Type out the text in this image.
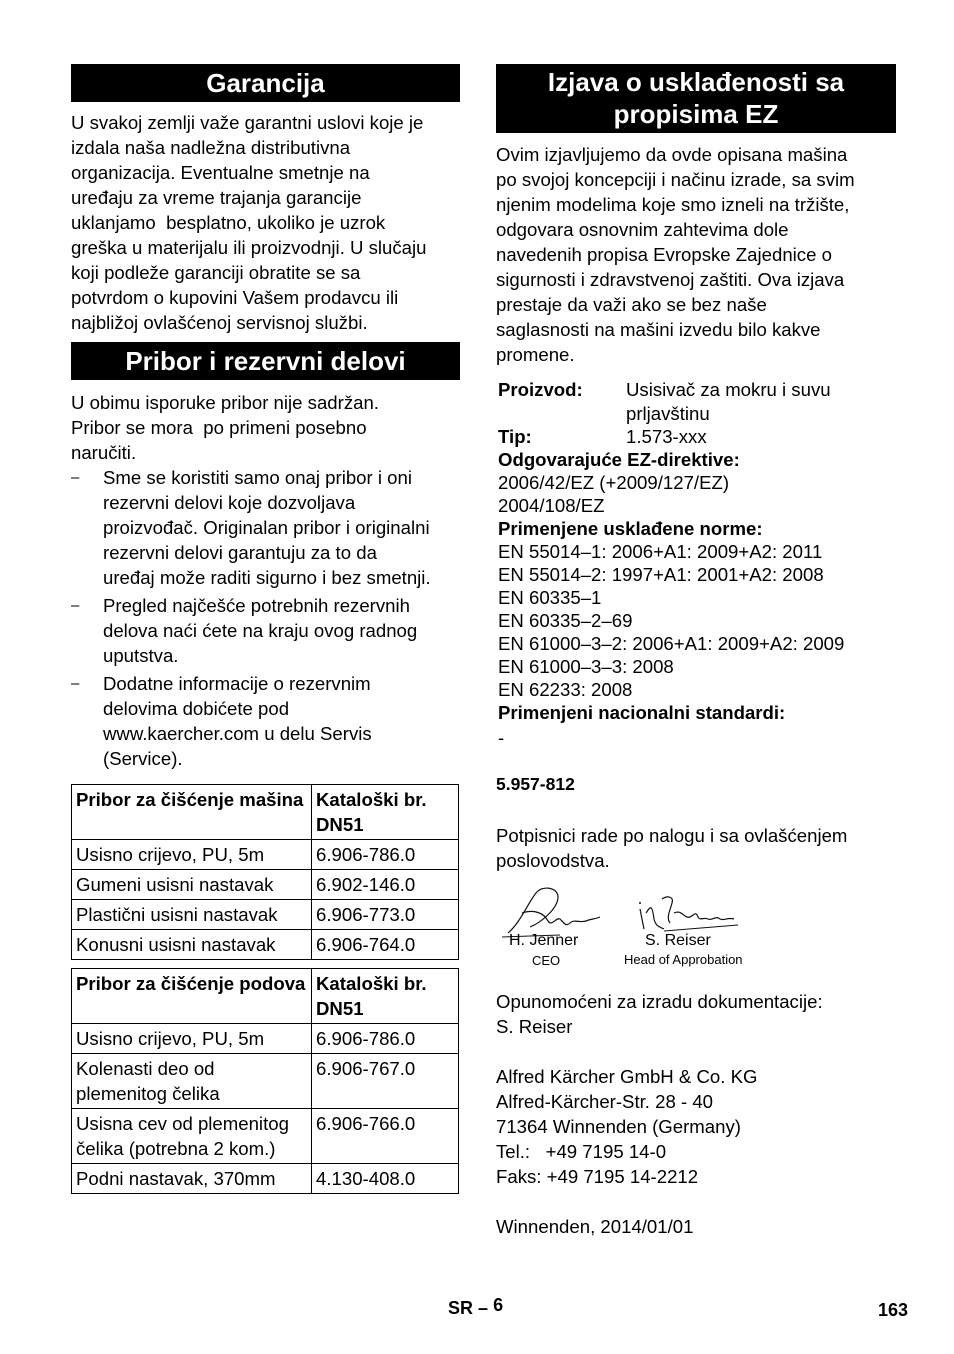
Garancija
U svakoj zemlji važe garantni uslovi koje je
izdala naša nadležna distributivna
organizacija. Eventualne smetnje na
uređaju za vreme trajanja garancije
uklanjamo  besplatno, ukoliko je uzrok
greška u materijalu ili proizvodnji. U slučaju
koji podleže garanciji obratite se sa
potvrdom o kupovini Vašem prodavcu ili
najbližoj ovlašćenoj servisnoj službi.
Pribor i rezervni delovi
U obimu isporuke pribor nije sadržan.
Pribor se mora  po primeni posebno
naručiti.
– Sme se koristiti samo onaj pribor i oni
rezervni delovi koje dozvoljava
proizvođač. Originalan pribor i originalni
rezervni delovi garantuju za to da
uređaj može raditi sigurno i bez smetnji.
– Pregled najčešće potrebnih rezervnih
delova naći ćete na kraju ovog radnog
uputstva.
– Dodatne informacije o rezervnim
delovima dobićete pod
www.kaercher.com u delu Servis
(Service).
Pribor za čišćenje mašina	Kataloški br. DN51
Usisno crijevo, PU, 5m	6.906-786.0
Gumeni usisni nastavak	6.902-146.0
Plastični usisni nastavak	6.906-773.0
Konusni usisni nastavak	6.906-764.0
Pribor za čišćenje podova	Kataloški br. DN51
Usisno crijevo, PU, 5m	6.906-786.0
Kolenasti deo od plemenitog čelika	6.906-767.0
Usisna cev od plemenitog čelika (potrebna 2 kom.)	6.906-766.0
Podni nastavak, 370mm	4.130-408.0
Izjava o usklađenosti sa
propisima EZ
Ovim izjavljujemo da ovde opisana mašina
po svojoj koncepciji i načinu izrade, sa svim
njenim modelima koje smo izneli na tržište,
odgovara osnovnim zahtevima dole
navedenih propisa Evropske Zajednice o
sigurnosti i zdravstvenoj zaštiti. Ova izjava
prestaje da važi ako se bez naše
saglasnosti na mašini izvedu bilo kakve
promene.
Proizvod:	Usisivač za mokru i suvu
prljavštinu
Tip:	1.573-xxx
Odgovarajuće EZ-direktive:
2006/42/EZ (+2009/127/EZ)
2004/108/EZ
Primenjene usklađene norme:
EN 55014–1: 2006+A1: 2009+A2: 2011
EN 55014–2: 1997+A1: 2001+A2: 2008
EN 60335–1
EN 60335–2–69
EN 61000–3–2: 2006+A1: 2009+A2: 2009
EN 61000–3–3: 2008
EN 62233: 2008
Primenjeni nacionalni standardi:
-
5.957-812
Potpisnici rade po nalogu i sa ovlašćenjem
poslovodstva.
H. Jenner
CEO
S. Reiser
Head of Approbation
Opunomoćeni za izradu dokumentacije:
S. Reiser
Alfred Kärcher GmbH & Co. KG
Alfred-Kärcher-Str. 28 - 40
71364 Winnenden (Germany)
Tel.:   +49 7195 14-0
Faks: +49 7195 14-2212
Winnenden, 2014/01/01
SR – 6	163
